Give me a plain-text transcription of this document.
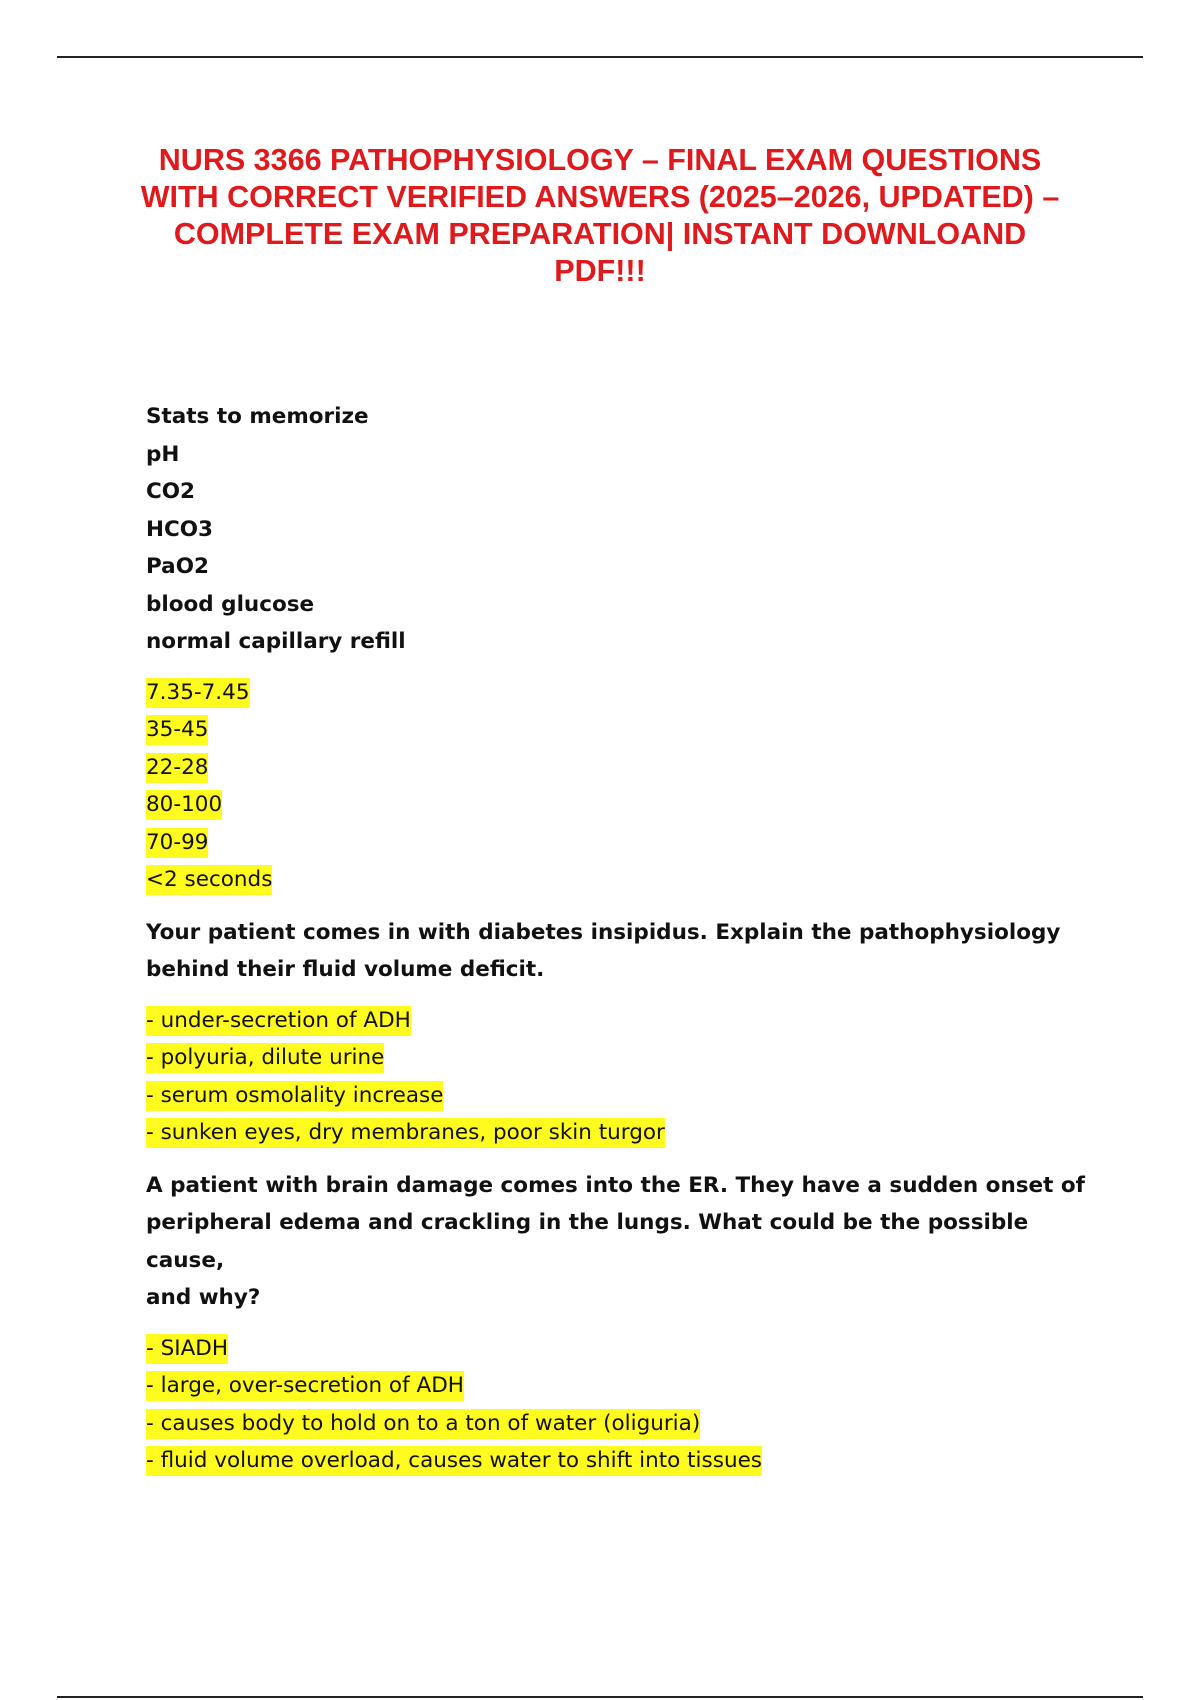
NURS 3366 PATHOPHYSIOLOGY – FINAL EXAM QUESTIONS WITH CORRECT VERIFIED ANSWERS (2025–2026, UPDATED) – COMPLETE EXAM PREPARATION| INSTANT DOWNLOAND PDF!!!

Stats to memorize
pH
CO2
HCO3
PaO2
blood glucose
normal capillary refill

7.35-7.45
35-45
22-28
80-100
70-99
<2 seconds

Your patient comes in with diabetes insipidus. Explain the pathophysiology
behind their fluid volume deficit.

- under-secretion of ADH
- polyuria, dilute urine
- serum osmolality increase
- sunken eyes, dry membranes, poor skin turgor

A patient with brain damage comes into the ER. They have a sudden onset of
peripheral edema and crackling in the lungs. What could be the possible cause,
and why?

- SIADH
- large, over-secretion of ADH
- causes body to hold on to a ton of water (oliguria)
- fluid volume overload, causes water to shift into tissues
